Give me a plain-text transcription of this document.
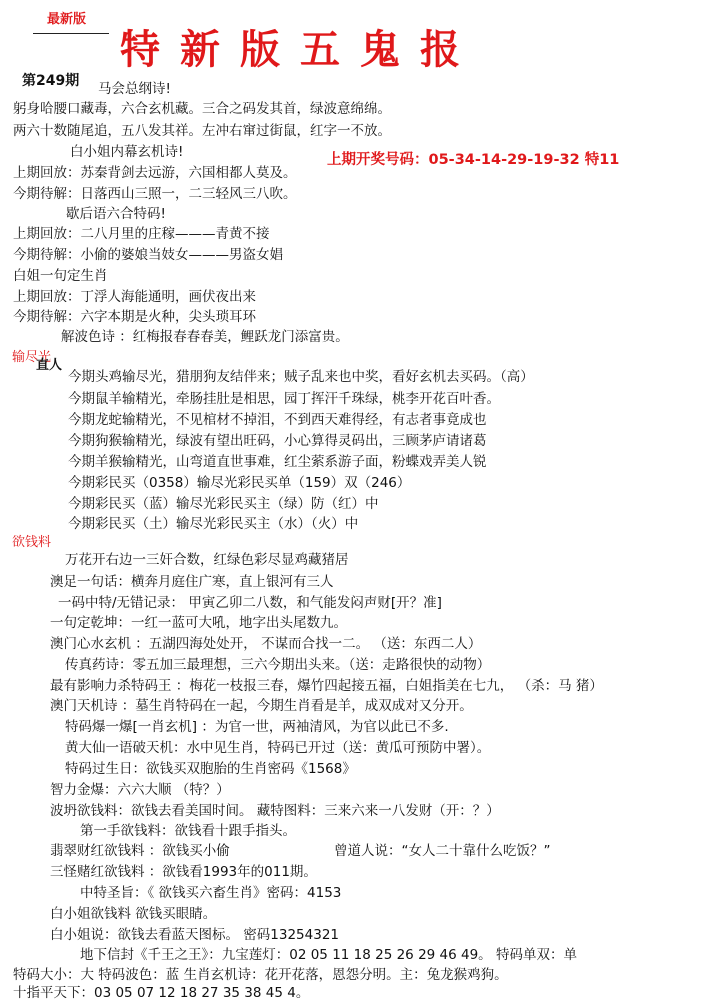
最新版
特新版五鬼报
第249期
上期开奖号码：05-34-14-29-19-32 特11
马会总纲诗!
躬身哈腰口藏毒，六合玄机藏。三合之码发其首，绿波意绵绵。
两六十数随尾追，五八发其祥。左冲右窜过街鼠，红字一不放。
白小姐内幕玄机诗!
上期回放：苏秦背剑去远游，六国相都人莫及。
今期待解：日落西山三照一，二三轻风三八吹。
歇后语六合特码!
上期回放：二八月里的庄稼———青黄不接
今期待解：小偷的婆娘当妓女———男盗女娼
白姐一句定生肖
上期回放：丁浮人海能通明，画伏夜出来
今期待解：六字本期是火种，尖头琐耳环
解波色诗 ：红梅报春春春美，鲤跃龙门添富贵。
输尽光
直人
今期头鸡输尽光，猎朋狗友结伴来；贼子乱来也中奖，看好玄机去买码。（高）
今期鼠羊输精光，牵肠挂肚是相思，园丁挥汗千珠绿，桃李开花百叶香。
今期龙蛇输精光，不见棺材不掉泪，不到西天难得经，有志者事竟成也
今期狗猴输精光，绿波有望出旺码，小心算得灵码出，三顾茅庐请诸葛
今期羊猴输精光，山弯道直世事难，红尘萦系游子面，粉蝶戏弄美人锐
今期彩民买（0358）输尽光彩民买单（159）双（246）
今期彩民买（蓝）输尽光彩民买主（绿）防（红）中
今期彩民买（土）输尽光彩民买主（水）（火）中
欲钱料
万花开右边一三奸合数，红绿色彩尽显鸡藏猪居
澳足一句话：横奔月庭住广寒，直上银河有三人
一码中特/无错记录： 甲寅乙卯二八数，和气能发闷声财[开？准]
一句定乾坤：一红一蓝可大吼，地字出头尾数九。
澳门心水玄机 ：五湖四海处处开， 不谋而合找一二。 （送：东西二人）
传真药诗：零五加三最理想，三六今期出头来。（送：走路很快的动物）
最有影响力杀特码王 ：梅花一枝报三春，爆竹四起接五福，白姐指美在七九， （杀：马 猪）
澳门天机诗 ：墓生肖特码在一起，今期生肖看是羊，成双成对又分开。
特码爆一爆[一肖玄机] ：为官一世，两袖清风，为官以此已不多.
黄大仙一语破天机：水中见生肖，特码已开过（送：黄瓜可预防中署）。
特码过生日：欲钱买双胞胎的生肖密码《1568》
智力金爆：六六大顺 （特？）
波坍欲钱料：欲钱去看美国时间。 藏特图料：三来六来一八发财（开：？）
第一手欲钱料：欲钱看十跟手指头。
翡翠财红欲钱料 ：欲钱买小偷	曾道人说：“女人二十靠什么吃饭？”
三怪赌红欲钱料 ：欲钱看1993年的011期。
中特圣旨：《 欲钱买六畜生肖》密码：4153
白小姐欲钱料 欲钱买眼睛。
白小姐说：欲钱去看蓝天图标。 密码13254321
地下信封《千王之王》：九宝莲灯：02 05 11 18 25 26 29 46 49。 特码单双：单
特码大小：大 特码波色：蓝 生肖玄机诗：花开花落，恩怨分明。主：兔龙猴鸡狗。
十指平天下：03 05 07 12 18 27 35 38 45 4。
